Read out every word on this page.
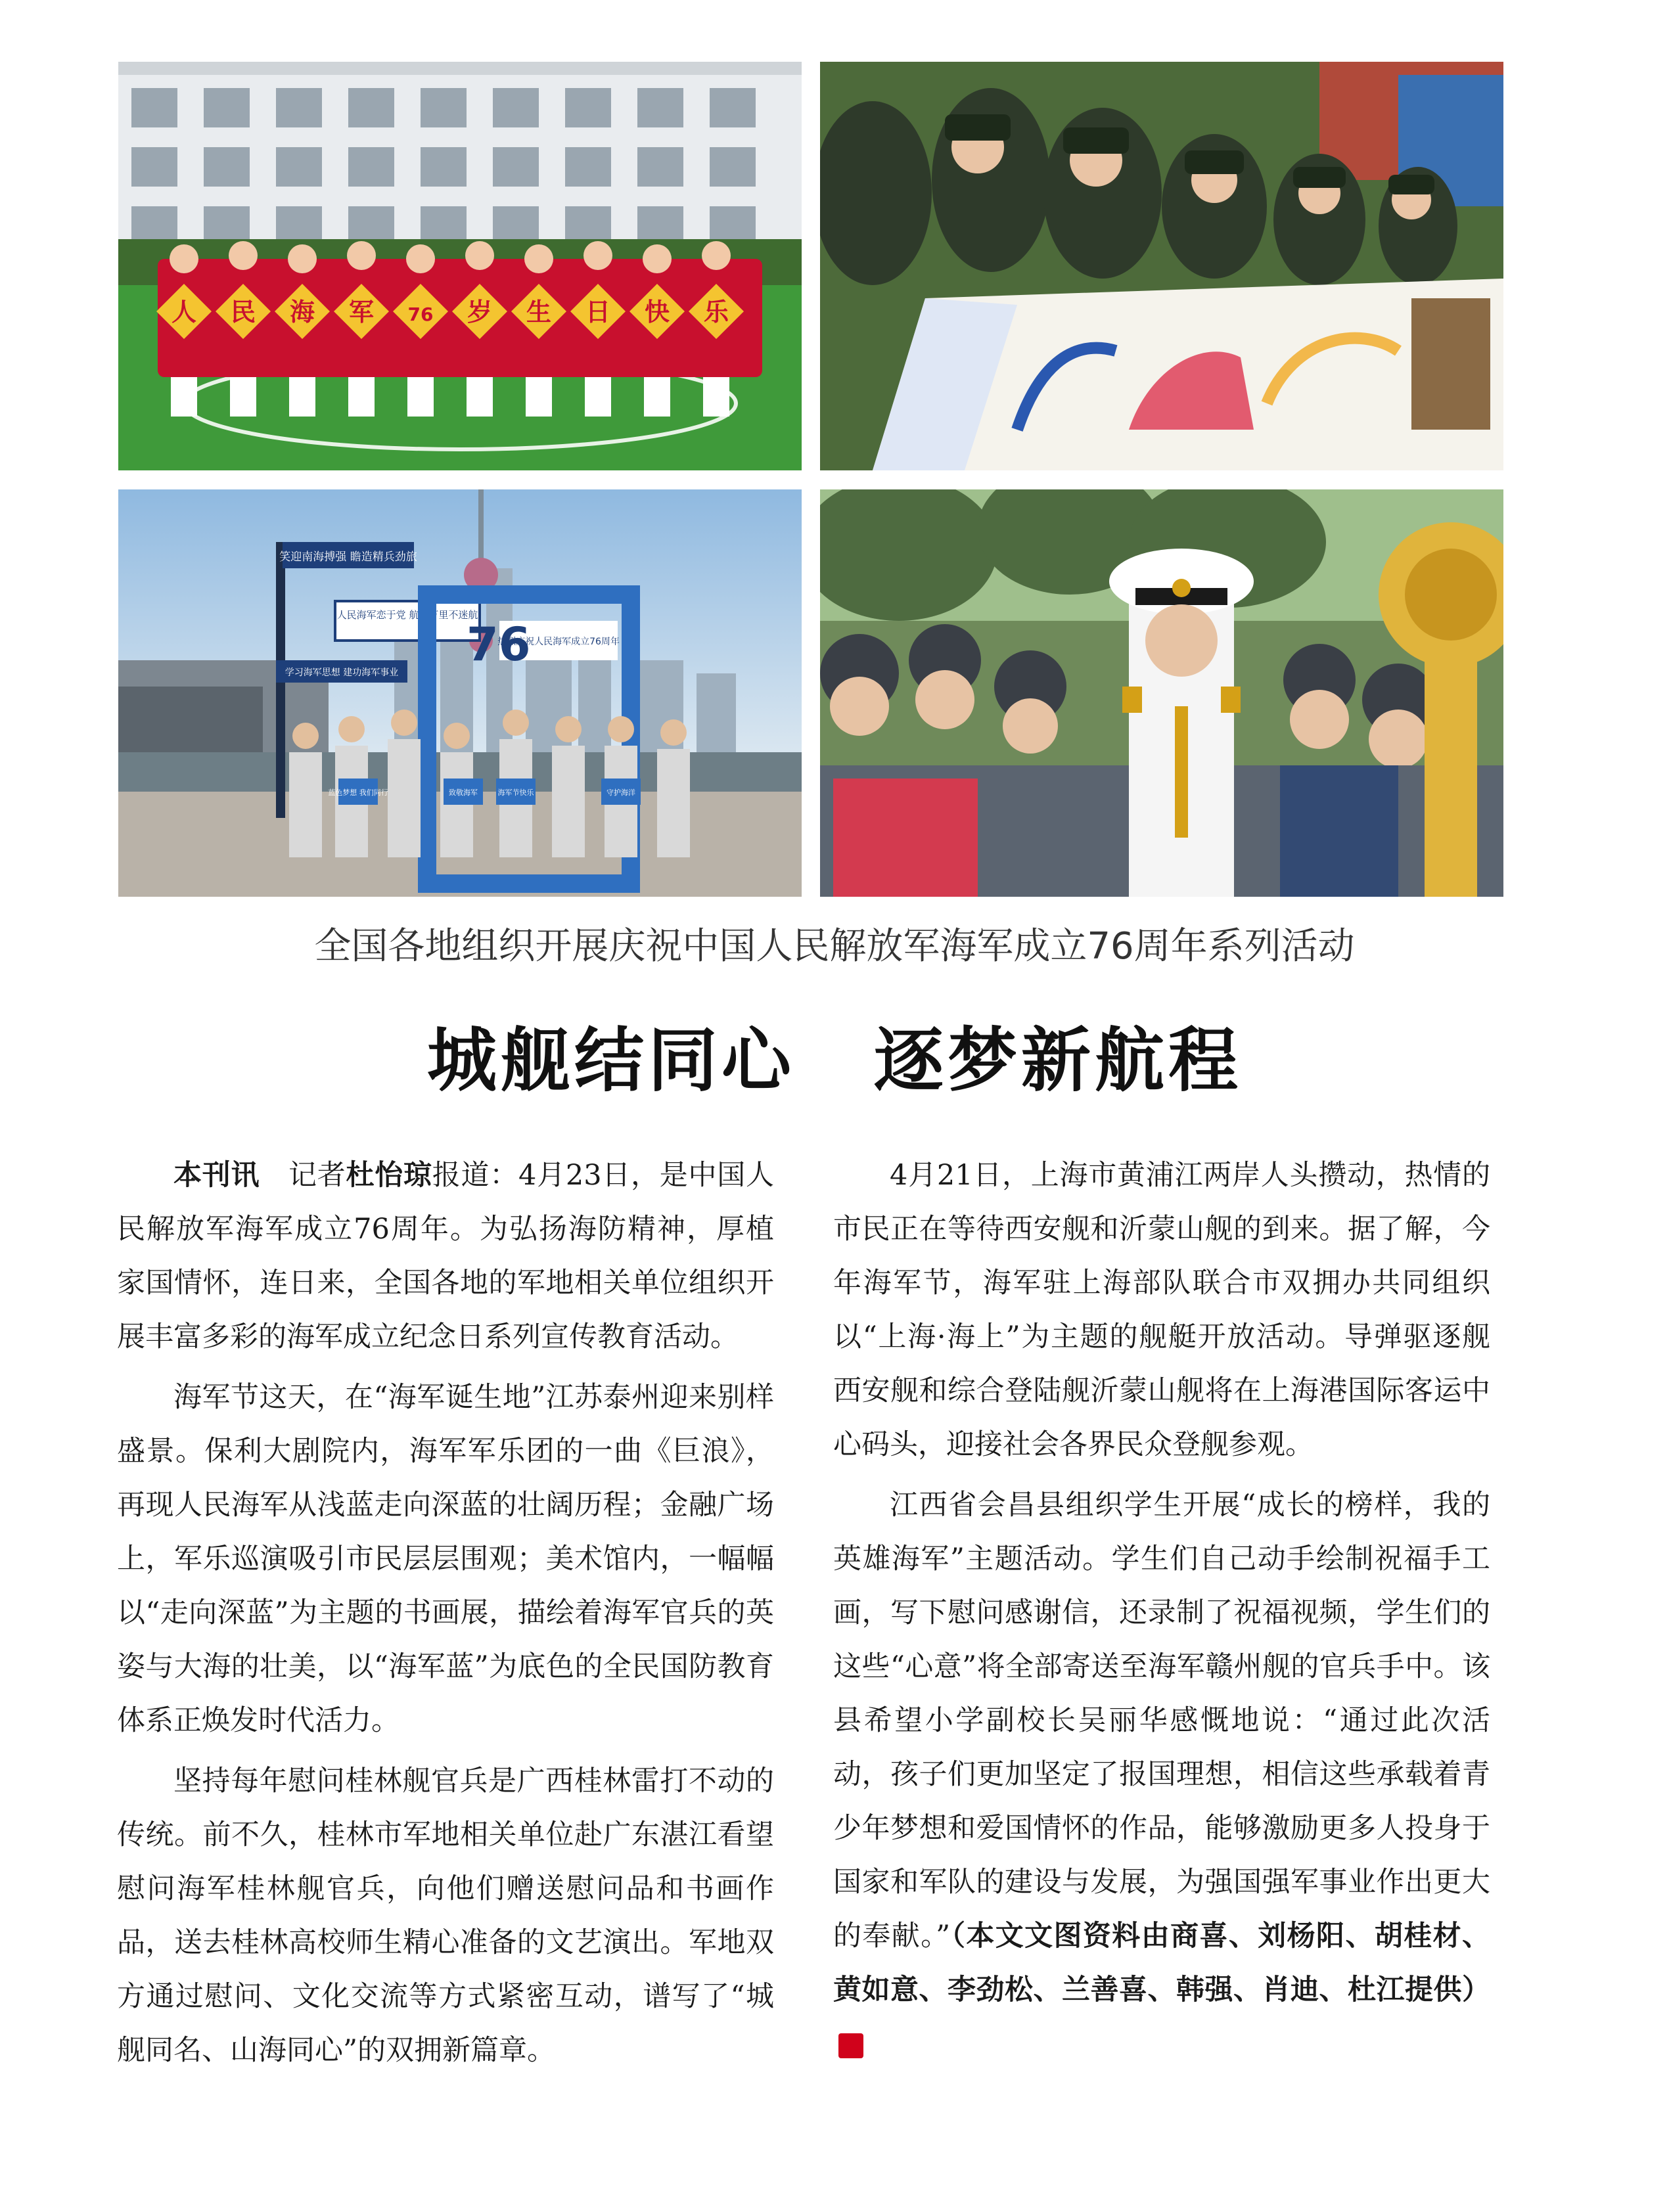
人 民 海 军 76 岁 生 日 快 乐
笑迎南海搏强 瞻造精兵劲旅
人民海军恋于党 航行万里不迷航
学习海军思想 建功海军事业
热烈庆祝人民海军成立76周年
76
蓝色梦想 我们同行	致敬海军	海军节快乐	守护海洋
全国各地组织开展庆祝中国人民解放军海军成立76周年系列活动
城舰结同心 逐梦新航程

本刊讯　记者杜怡琼报道：4月23日，是中国人民解放军海军成立76周年。为弘扬海防精神，厚植家国情怀，连日来，全国各地的军地相关单位组织开展丰富多彩的海军成立纪念日系列宣传教育活动。

海军节这天，在“海军诞生地”江苏泰州迎来别样盛景。保利大剧院内，海军军乐团的一曲《巨浪》，再现人民海军从浅蓝走向深蓝的壮阔历程；金融广场上，军乐巡演吸引市民层层围观；美术馆内，一幅幅以“走向深蓝”为主题的书画展，描绘着海军官兵的英姿与大海的壮美，以“海军蓝”为底色的全民国防教育体系正焕发时代活力。

坚持每年慰问桂林舰官兵是广西桂林雷打不动的传统。前不久，桂林市军地相关单位赴广东湛江看望慰问海军桂林舰官兵，向他们赠送慰问品和书画作品，送去桂林高校师生精心准备的文艺演出。军地双方通过慰问、文化交流等方式紧密互动，谱写了“城舰同名、山海同心”的双拥新篇章。

4月21日，上海市黄浦江两岸人头攒动，热情的市民正在等待西安舰和沂蒙山舰的到来。据了解，今年海军节，海军驻上海部队联合市双拥办共同组织以“上海·海上”为主题的舰艇开放活动。导弹驱逐舰西安舰和综合登陆舰沂蒙山舰将在上海港国际客运中心码头，迎接社会各界民众登舰参观。

江西省会昌县组织学生开展“成长的榜样，我的英雄海军”主题活动。学生们自己动手绘制祝福手工画，写下慰问感谢信，还录制了祝福视频，学生们的这些“心意”将全部寄送至海军赣州舰的官兵手中。该县希望小学副校长吴丽华感慨地说：“通过此次活动，孩子们更加坚定了报国理想，相信这些承载着青少年梦想和爱国情怀的作品，能够激励更多人投身于国家和军队的建设与发展，为强国强军事业作出更大的奉献。”（本文文图资料由商喜、刘杨阳、胡桂材、黄如意、李劲松、兰善喜、韩强、肖迪、杜江提供）G
